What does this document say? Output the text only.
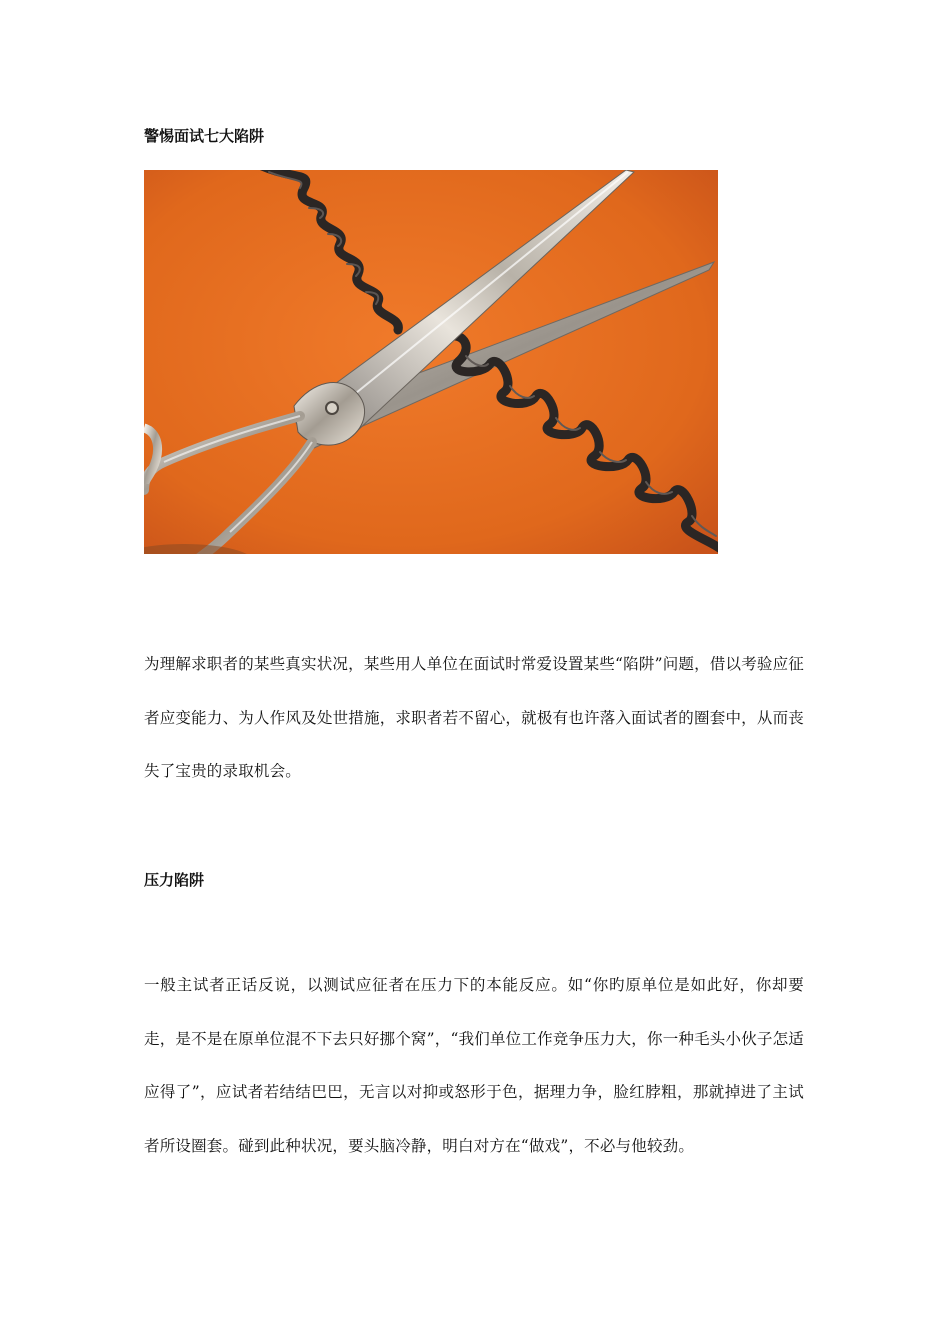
警惕面试七大陷阱
为理解求职者的某些真实状况，某些用人单位在面试时常爱设置某些“陷阱”问题，借以考验应征者应变能力、为人作风及处世措施，求职者若不留心，就极有也许落入面试者的圈套中，从而丧失了宝贵的录取机会。
压力陷阱
一般主试者正话反说，以测试应征者在压力下的本能反应。如“你旳原单位是如此好，你却要走，是不是在原单位混不下去只好挪个窝”，“我们单位工作竞争压力大，你一种毛头小伙子怎适应得了”，应试者若结结巴巴，无言以对抑或怒形于色，据理力争，脸红脖粗，那就掉进了主试者所设圈套。碰到此种状况，要头脑冷静，明白对方在“做戏”，不必与他较劲。
